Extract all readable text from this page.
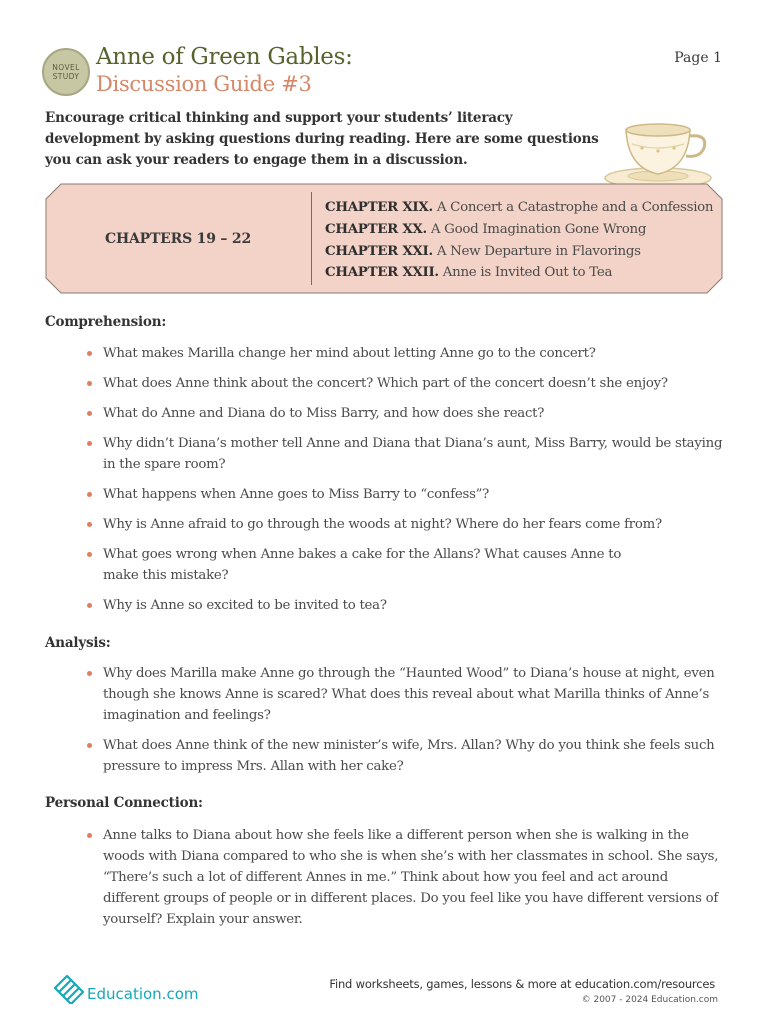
NOVEL
STUDY
Anne of Green Gables:
Discussion Guide #3
Page 1

Encourage critical thinking and support your students’ literacy development by asking questions during reading. Here are some questions you can ask your readers to engage them in a discussion.

CHAPTERS 19 – 22
CHAPTER XIX. A Concert a Catastrophe and a Confession
CHAPTER XX. A Good Imagination Gone Wrong
CHAPTER XXI. A New Departure in Flavorings
CHAPTER XXII. Anne is Invited Out to Tea
Comprehension:
What makes Marilla change her mind about letting Anne go to the concert?
What does Anne think about the concert? Which part of the concert doesn’t she enjoy?
What do Anne and Diana do to Miss Barry, and how does she react?
Why didn’t Diana’s mother tell Anne and Diana that Diana’s aunt, Miss Barry, would be staying in the spare room?
What happens when Anne goes to Miss Barry to “confess”?
Why is Anne afraid to go through the woods at night? Where do her fears come from?
What goes wrong when Anne bakes a cake for the Allans? What causes Anne to make this mistake?
Why is Anne so excited to be invited to tea?
Analysis:
Why does Marilla make Anne go through the “Haunted Wood” to Diana’s house at night, even though she knows Anne is scared? What does this reveal about what Marilla thinks of Anne’s imagination and feelings?
What does Anne think of the new minister’s wife, Mrs. Allan? Why do you think she feels such pressure to impress Mrs. Allan with her cake?
Personal Connection:
Anne talks to Diana about how she feels like a different person when she is walking in the woods with Diana compared to who she is when she’s with her classmates in school. She says, “There’s such a lot of different Annes in me.” Think about how you feel and act around different groups of people or in different places. Do you feel like you have different versions of yourself? Explain your answer.
Education.com
Find worksheets, games, lessons & more at education.com/resources
© 2007 - 2024 Education.com
